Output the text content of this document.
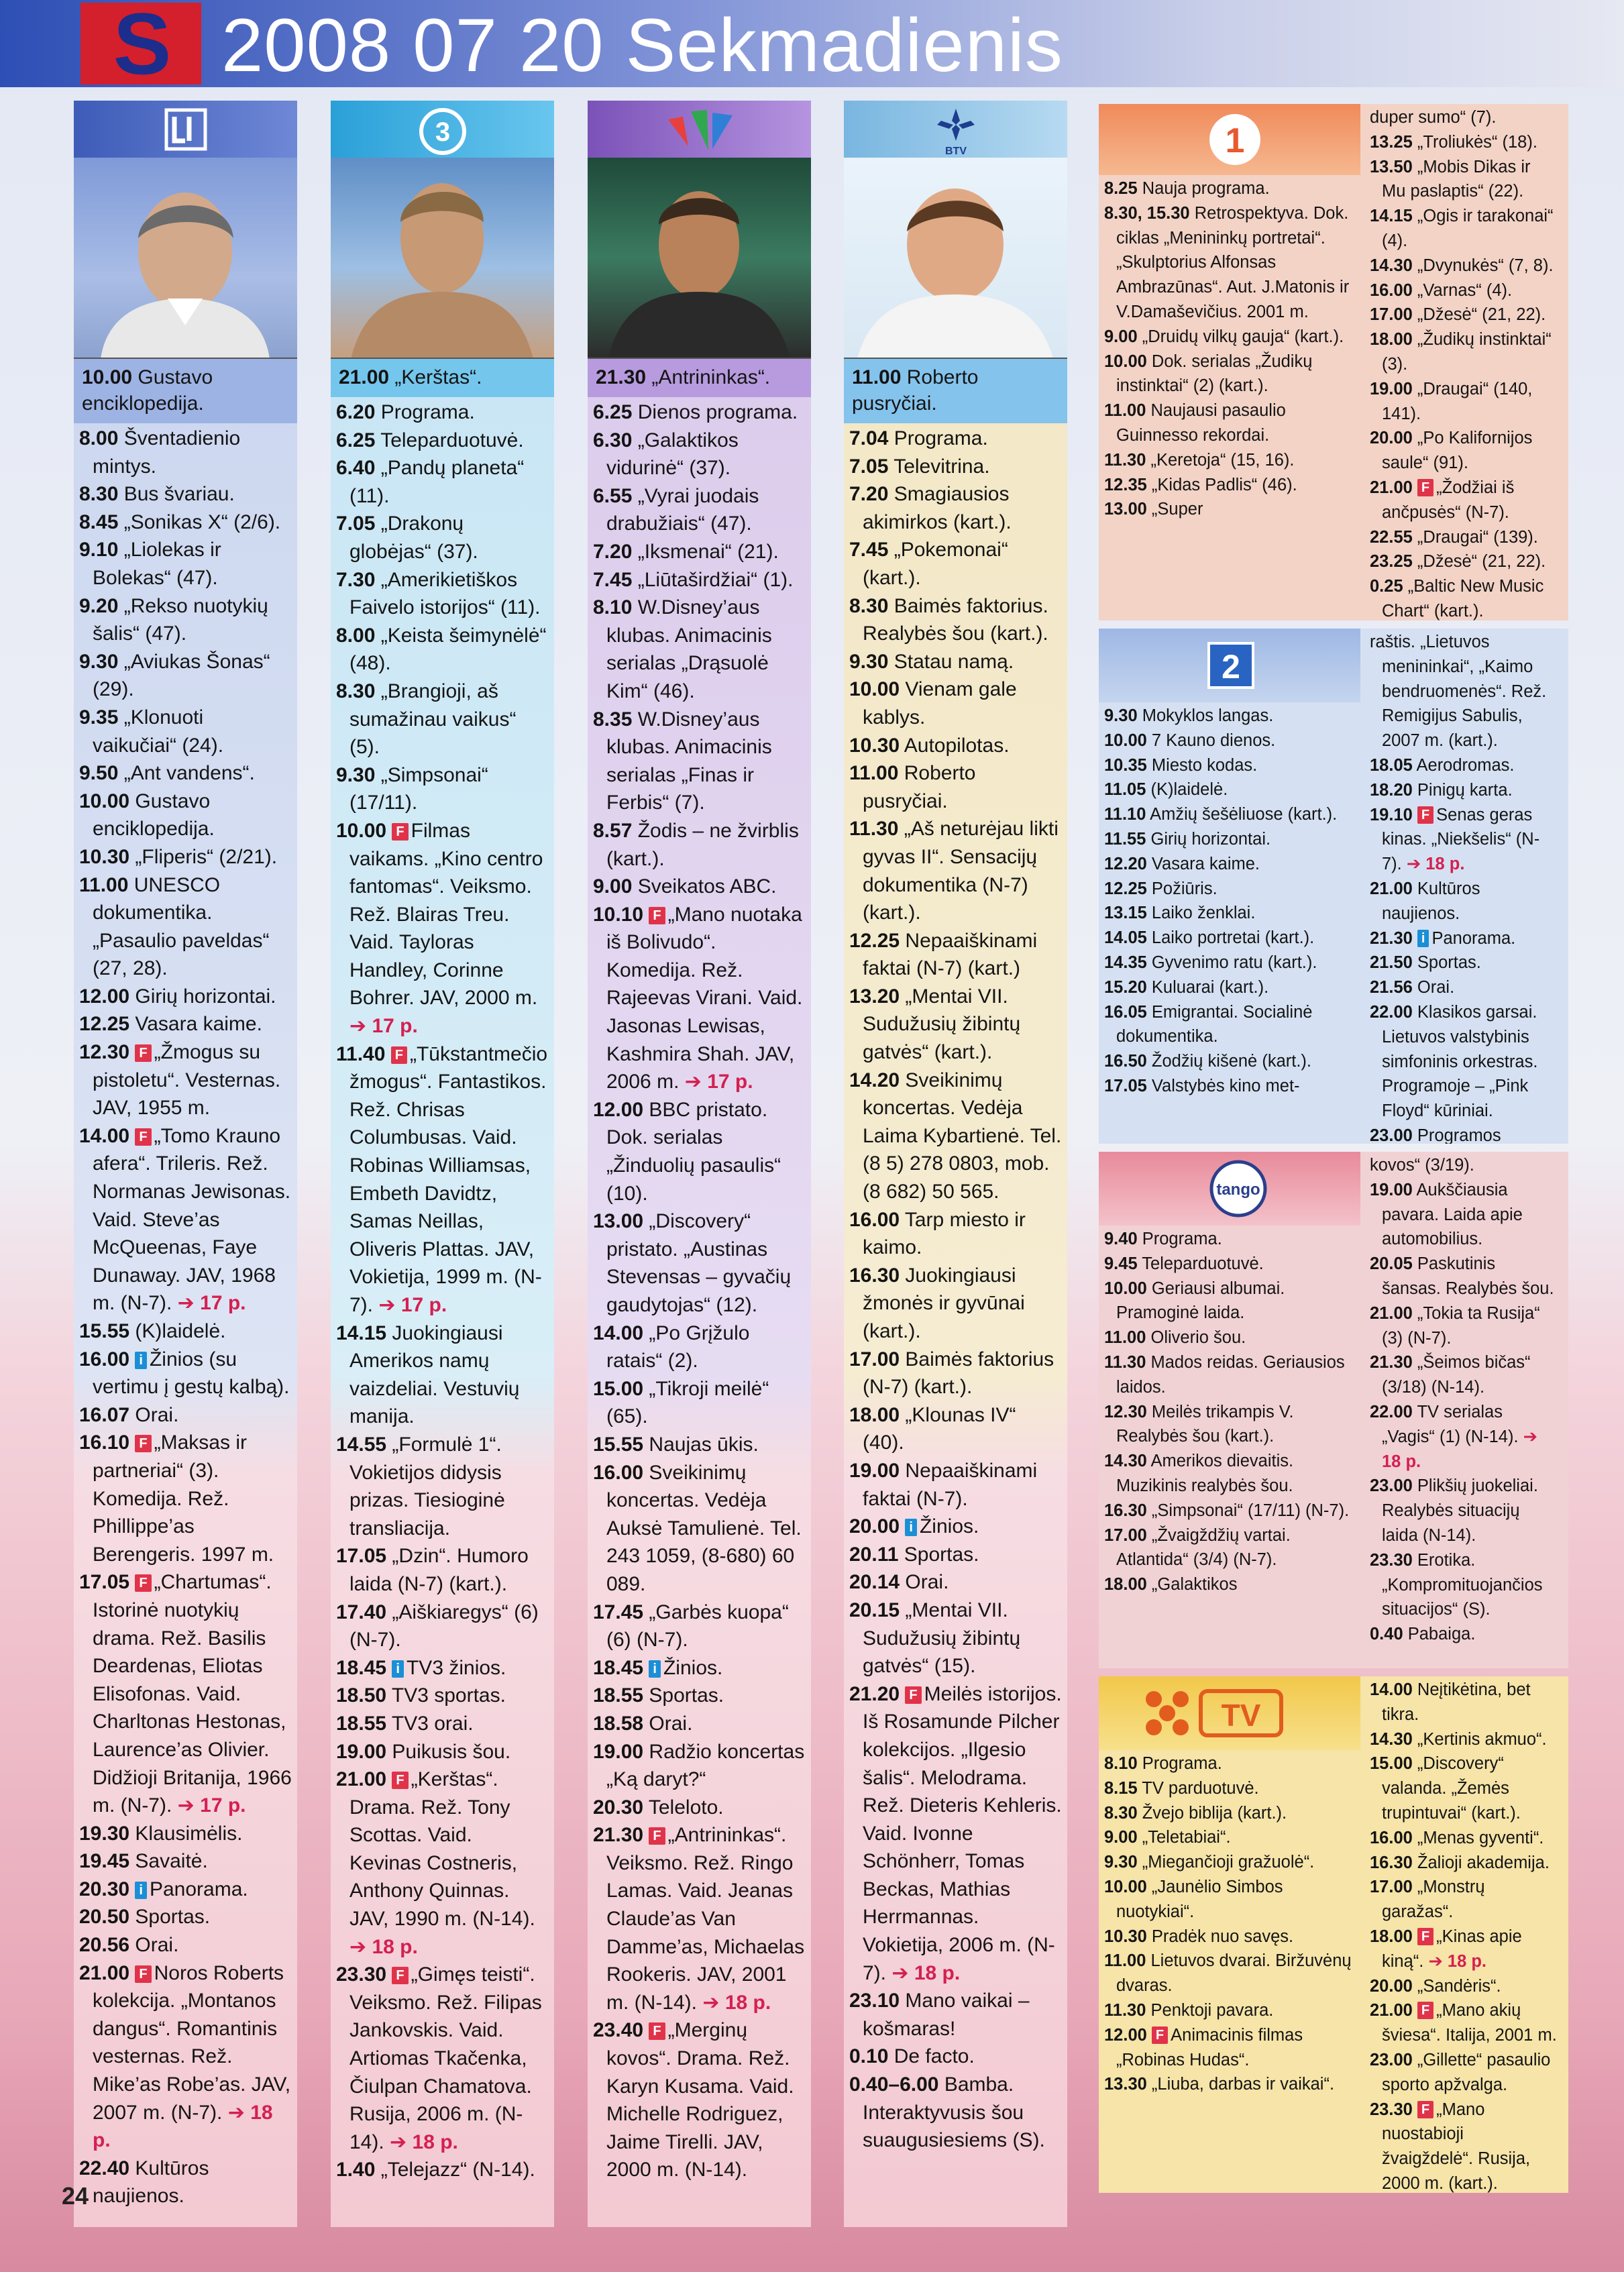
S 2008 07 20 Sekmadienis
10.00 Gustavo enciklopedija.
8.00 Šventadienio mintys.
8.30 Bus švariau.
8.45 „Sonikas X“ (2/6).
9.10 „Liolekas ir Bolekas“ (47).
9.20 „Rekso nuotykių šalis“ (47).
9.30 „Aviukas Šonas“ (29).
9.35 „Klonuoti vaikučiai“ (24).
9.50 „Ant vandens“.
10.00 Gustavo enciklopedija.
10.30 „Fliperis“ (2/21).
11.00 UNESCO dokumentika. „Pasaulio paveldas“ (27, 28).
12.00 Girių horizontai.
12.25 Vasara kaime.
12.30 F „Žmogus su pistoletu“. Vesternas. JAV, 1955 m.
14.00 F „Tomo Krauno afera“. Trileris. Rež. Normanas Jewisonas. Vaid. Steve’as McQueenas, Faye Dunaway. JAV, 1968 m. (N-7). ➔ 17 p.
15.55 (K)laidelė.
16.00 i Žinios (su vertimu į gestų kalbą).
16.07 Orai.
16.10 F „Maksas ir partneriai“ (3). Komedija. Rež. Phillippe’as Berengeris. 1997 m.
17.05 F „Chartumas“. Istorinė nuotykių drama. Rež. Basilis Deardenas, Eliotas Elisofonas. Vaid. Charltonas Hestonas, Laurence’as Olivier. Didžioji Britanija, 1966 m. (N-7). ➔ 17 p.
19.30 Klausimėlis.
19.45 Savaitė.
20.30 i Panorama.
20.50 Sportas.
20.56 Orai.
21.00 F Noros Roberts kolekcija. „Montanos dangus“. Romantinis vesternas. Rež. Mike’as Robe’as. JAV, 2007 m. (N-7). ➔ 18 p.
22.40 Kultūros naujienos.
3
21.00 „Kerštas“.
6.20 Programa.
6.25 Teleparduotuvė.
6.40 „Pandų planeta“ (11).
7.05 „Drakonų globėjas“ (37).
7.30 „Amerikietiškos Faivelo istorijos“ (11).
8.00 „Keista šeimynėlė“ (48).
8.30 „Brangioji, aš sumažinau vaikus“ (5).
9.30 „Simpsonai“ (17/11).
10.00 F Filmas vaikams. „Kino centro fantomas“. Veiksmo. Rež. Blairas Treu. Vaid. Tayloras Handley, Corinne Bohrer. JAV, 2000 m. ➔ 17 p.
11.40 F „Tūkstantmečio žmogus“. Fantastikos. Rež. Chrisas Columbusas. Vaid. Robinas Williamsas, Embeth Davidtz, Samas Neillas, Oliveris Plattas. JAV, Vokietija, 1999 m. (N-7). ➔ 17 p.
14.15 Juokingiausi Amerikos namų vaizdeliai. Vestuvių manija.
14.55 „Formulė 1“. Vokietijos didysis prizas. Tiesioginė transliacija.
17.05 „Dzin“. Humoro laida (N-7) (kart.).
17.40 „Aiškiaregys“ (6) (N-7).
18.45 i TV3 žinios.
18.50 TV3 sportas.
18.55 TV3 orai.
19.00 Puikusis šou.
21.00 F „Kerštas“. Drama. Rež. Tony Scottas. Vaid. Kevinas Costneris, Anthony Quinnas. JAV, 1990 m. (N-14). ➔ 18 p.
23.30 F „Gimęs teisti“. Veiksmo. Rež. Filipas Jankovskis. Vaid. Artiomas Tkačenka, Čiulpan Chamatova. Rusija, 2006 m. (N-14). ➔ 18 p.
1.40 „Telejazz“ (N-14).
21.30 „Antrininkas“.
6.25 Dienos programa.
6.30 „Galaktikos vidurinė“ (37).
6.55 „Vyrai juodais drabužiais“ (47).
7.20 „Iksmenai“ (21).
7.45 „Liūtaširdžiai“ (1).
8.10 W.Disney’aus klubas. Animacinis serialas „Drąsuolė Kim“ (46).
8.35 W.Disney’aus klubas. Animacinis serialas „Finas ir Ferbis“ (7).
8.57 Žodis – ne žvirblis (kart.).
9.00 Sveikatos ABC.
10.10 F „Mano nuotaka iš Bolivudo“. Komedija. Rež. Rajeevas Virani. Vaid. Jasonas Lewisas, Kashmira Shah. JAV, 2006 m. ➔ 17 p.
12.00 BBC pristato. Dok. serialas „Žinduolių pasaulis“ (10).
13.00 „Discovery“ pristato. „Austinas Stevensas – gyvačių gaudytojas“ (12).
14.00 „Po Grįžulo ratais“ (2).
15.00 „Tikroji meilė“ (65).
15.55 Naujas ūkis.
16.00 Sveikinimų koncertas. Vedėja Auksė Tamulienė. Tel. 243 1059, (8-680) 60 089.
17.45 „Garbės kuopa“ (6) (N-7).
18.45 i Žinios.
18.55 Sportas.
18.58 Orai.
19.00 Radžio koncertas „Ką daryt?“
20.30 Teleloto.
21.30 F „Antrininkas“. Veiksmo. Rež. Ringo Lamas. Vaid. Jeanas Claude’as Van Damme’as, Michaelas Rookeris. JAV, 2001 m. (N-14). ➔ 18 p.
23.40 F „Merginų kovos“. Drama. Rež. Karyn Kusama. Vaid. Michelle Rodriguez, Jaime Tirelli. JAV, 2000 m. (N-14).
BTV
11.00 Roberto pusryčiai.
7.04 Programa.
7.05 Televitrina.
7.20 Smagiausios akimirkos (kart.).
7.45 „Pokemonai“ (kart.).
8.30 Baimės faktorius. Realybės šou (kart.).
9.30 Statau namą.
10.00 Vienam gale kablys.
10.30 Autopilotas.
11.00 Roberto pusryčiai.
11.30 „Aš neturėjau likti gyvas II“. Sensacijų dokumentika (N-7) (kart.).
12.25 Nepaaiškinami faktai (N-7) (kart.)
13.20 „Mentai VII. Sudužusių žibintų gatvės“ (kart.).
14.20 Sveikinimų koncertas. Vedėja Laima Kybartienė. Tel. (8 5) 278 0803, mob. (8 682) 50 565.
16.00 Tarp miesto ir kaimo.
16.30 Juokingiausi žmonės ir gyvūnai (kart.).
17.00 Baimės faktorius (N-7) (kart.).
18.00 „Klounas IV“ (40).
19.00 Nepaaiškinami faktai (N-7).
20.00 i Žinios.
20.11 Sportas.
20.14 Orai.
20.15 „Mentai VII. Sudužusių žibintų gatvės“ (15).
21.20 F Meilės istorijos. Iš Rosamunde Pilcher kolekcijos. „Ilgesio šalis“. Melodrama. Rež. Dieteris Kehleris. Vaid. Ivonne Schönherr, Tomas Beckas, Mathias Herrmannas. Vokietija, 2006 m. (N-7). ➔ 18 p.
23.10 Mano vaikai – košmaras!
0.10 De facto.
0.40–6.00 Bamba. Interaktyvusis šou suaugusiesiems (S).
1
8.25 Nauja programa.
8.30, 15.30 Retrospektyva. Dok. ciklas „Menininkų portretai“. „Skulptorius Alfonsas Ambrazūnas“. Aut. J.Matonis ir V.Damaševičius. 2001 m.
9.00 „Druidų vilkų gauja“ (kart.).
10.00 Dok. serialas „Žudikų instinktai“ (2) (kart.).
11.00 Naujausi pasaulio Guinnesso rekordai.
11.30 „Keretoja“ (15, 16).
12.35 „Kidas Padlis“ (46).
13.00 „Super
duper sumo“ (7).
13.25 „Troliukės“ (18).
13.50 „Mobis Dikas ir Mu paslaptis“ (22).
14.15 „Ogis ir tarakonai“ (4).
14.30 „Dvynukės“ (7, 8).
16.00 „Varnas“ (4).
17.00 „Džesė“ (21, 22).
18.00 „Žudikų instinktai“ (3).
19.00 „Draugai“ (140, 141).
20.00 „Po Kalifornijos saule“ (91).
21.00 F „Žodžiai iš ančpusės“ (N-7).
22.55 „Draugai“ (139).
23.25 „Džesė“ (21, 22).
0.25 „Baltic New Music Chart“ (kart.).
2
9.30 Mokyklos langas.
10.00 7 Kauno dienos.
10.35 Miesto kodas.
11.05 (K)laidelė.
11.10 Amžių šešėliuose (kart.).
11.55 Girių horizontai.
12.20 Vasara kaime.
12.25 Požiūris.
13.15 Laiko ženklai.
14.05 Laiko portretai (kart.).
14.35 Gyvenimo ratu (kart.).
15.20 Kuluarai (kart.).
16.05 Emigrantai. Socialinė dokumentika.
16.50 Žodžių kišenė (kart.).
17.05 Valstybės kino met-
raštis. „Lietuvos menininkai“, „Kaimo bendruomenės“. Rež. Remigijus Sabulis, 2007 m. (kart.).
18.05 Aerodromas.
18.20 Pinigų karta.
19.10 F Senas geras kinas. „Niekšelis“ (N-7). ➔ 18 p.
21.00 Kultūros naujienos.
21.30 i Panorama.
21.50 Sportas.
21.56 Orai.
22.00 Klasikos garsai. Lietuvos valstybinis simfoninis orkestras. Programoje – „Pink Floyd“ kūriniai.
23.00 Programos
tango
9.40 Programa.
9.45 Teleparduotuvė.
10.00 Geriausi albumai. Pramoginė laida.
11.00 Oliverio šou.
11.30 Mados reidas. Geriausios laidos.
12.30 Meilės trikampis V. Realybės šou (kart.).
14.30 Amerikos dievaitis. Muzikinis realybės šou.
16.30 „Simpsonai“ (17/11) (N-7).
17.00 „Žvaigždžių vartai. Atlantida“ (3/4) (N-7).
18.00 „Galaktikos
kovos“ (3/19).
19.00 Aukščiausia pavara. Laida apie automobilius.
20.05 Paskutinis šansas. Realybės šou.
21.00 „Tokia ta Rusija“ (3) (N-7).
21.30 „Šeimos bičas“ (3/18) (N-14).
22.00 TV serialas „Vagis“ (1) (N-14). ➔ 18 p.
23.00 Plikšių juokeliai. Realybės situacijų laida (N-14).
23.30 Erotika. „Kompromituojančios situacijos“ (S).
0.40 Pabaiga.
TV
8.10 Programa.
8.15 TV parduotuvė.
8.30 Žvejo biblija (kart.).
9.00 „Teletabiai“.
9.30 „Miegančioji gražuolė“.
10.00 „Jaunėlio Simbos nuotykiai“.
10.30 Pradėk nuo savęs.
11.00 Lietuvos dvarai. Biržuvėnų dvaras.
11.30 Penktoji pavara.
12.00 F Animacinis filmas „Robinas Hudas“.
13.30 „Liuba, darbas ir vaikai“.
14.00 Neįtikėtina, bet tikra.
14.30 „Kertinis akmuo“.
15.00 „Discovery“ valanda. „Žemės trupintuvai“ (kart.).
16.00 „Menas gyventi“.
16.30 Žalioji akademija.
17.00 „Monstrų garažas“.
18.00 F „Kinas apie kiną“. ➔ 18 p.
20.00 „Sandėris“.
21.00 F „Mano akių šviesa“. Italija, 2001 m.
23.00 „Gillette“ pasaulio sporto apžvalga.
23.30 F „Mano nuostabioji žvaigždelė“. Rusija, 2000 m. (kart.).
24
